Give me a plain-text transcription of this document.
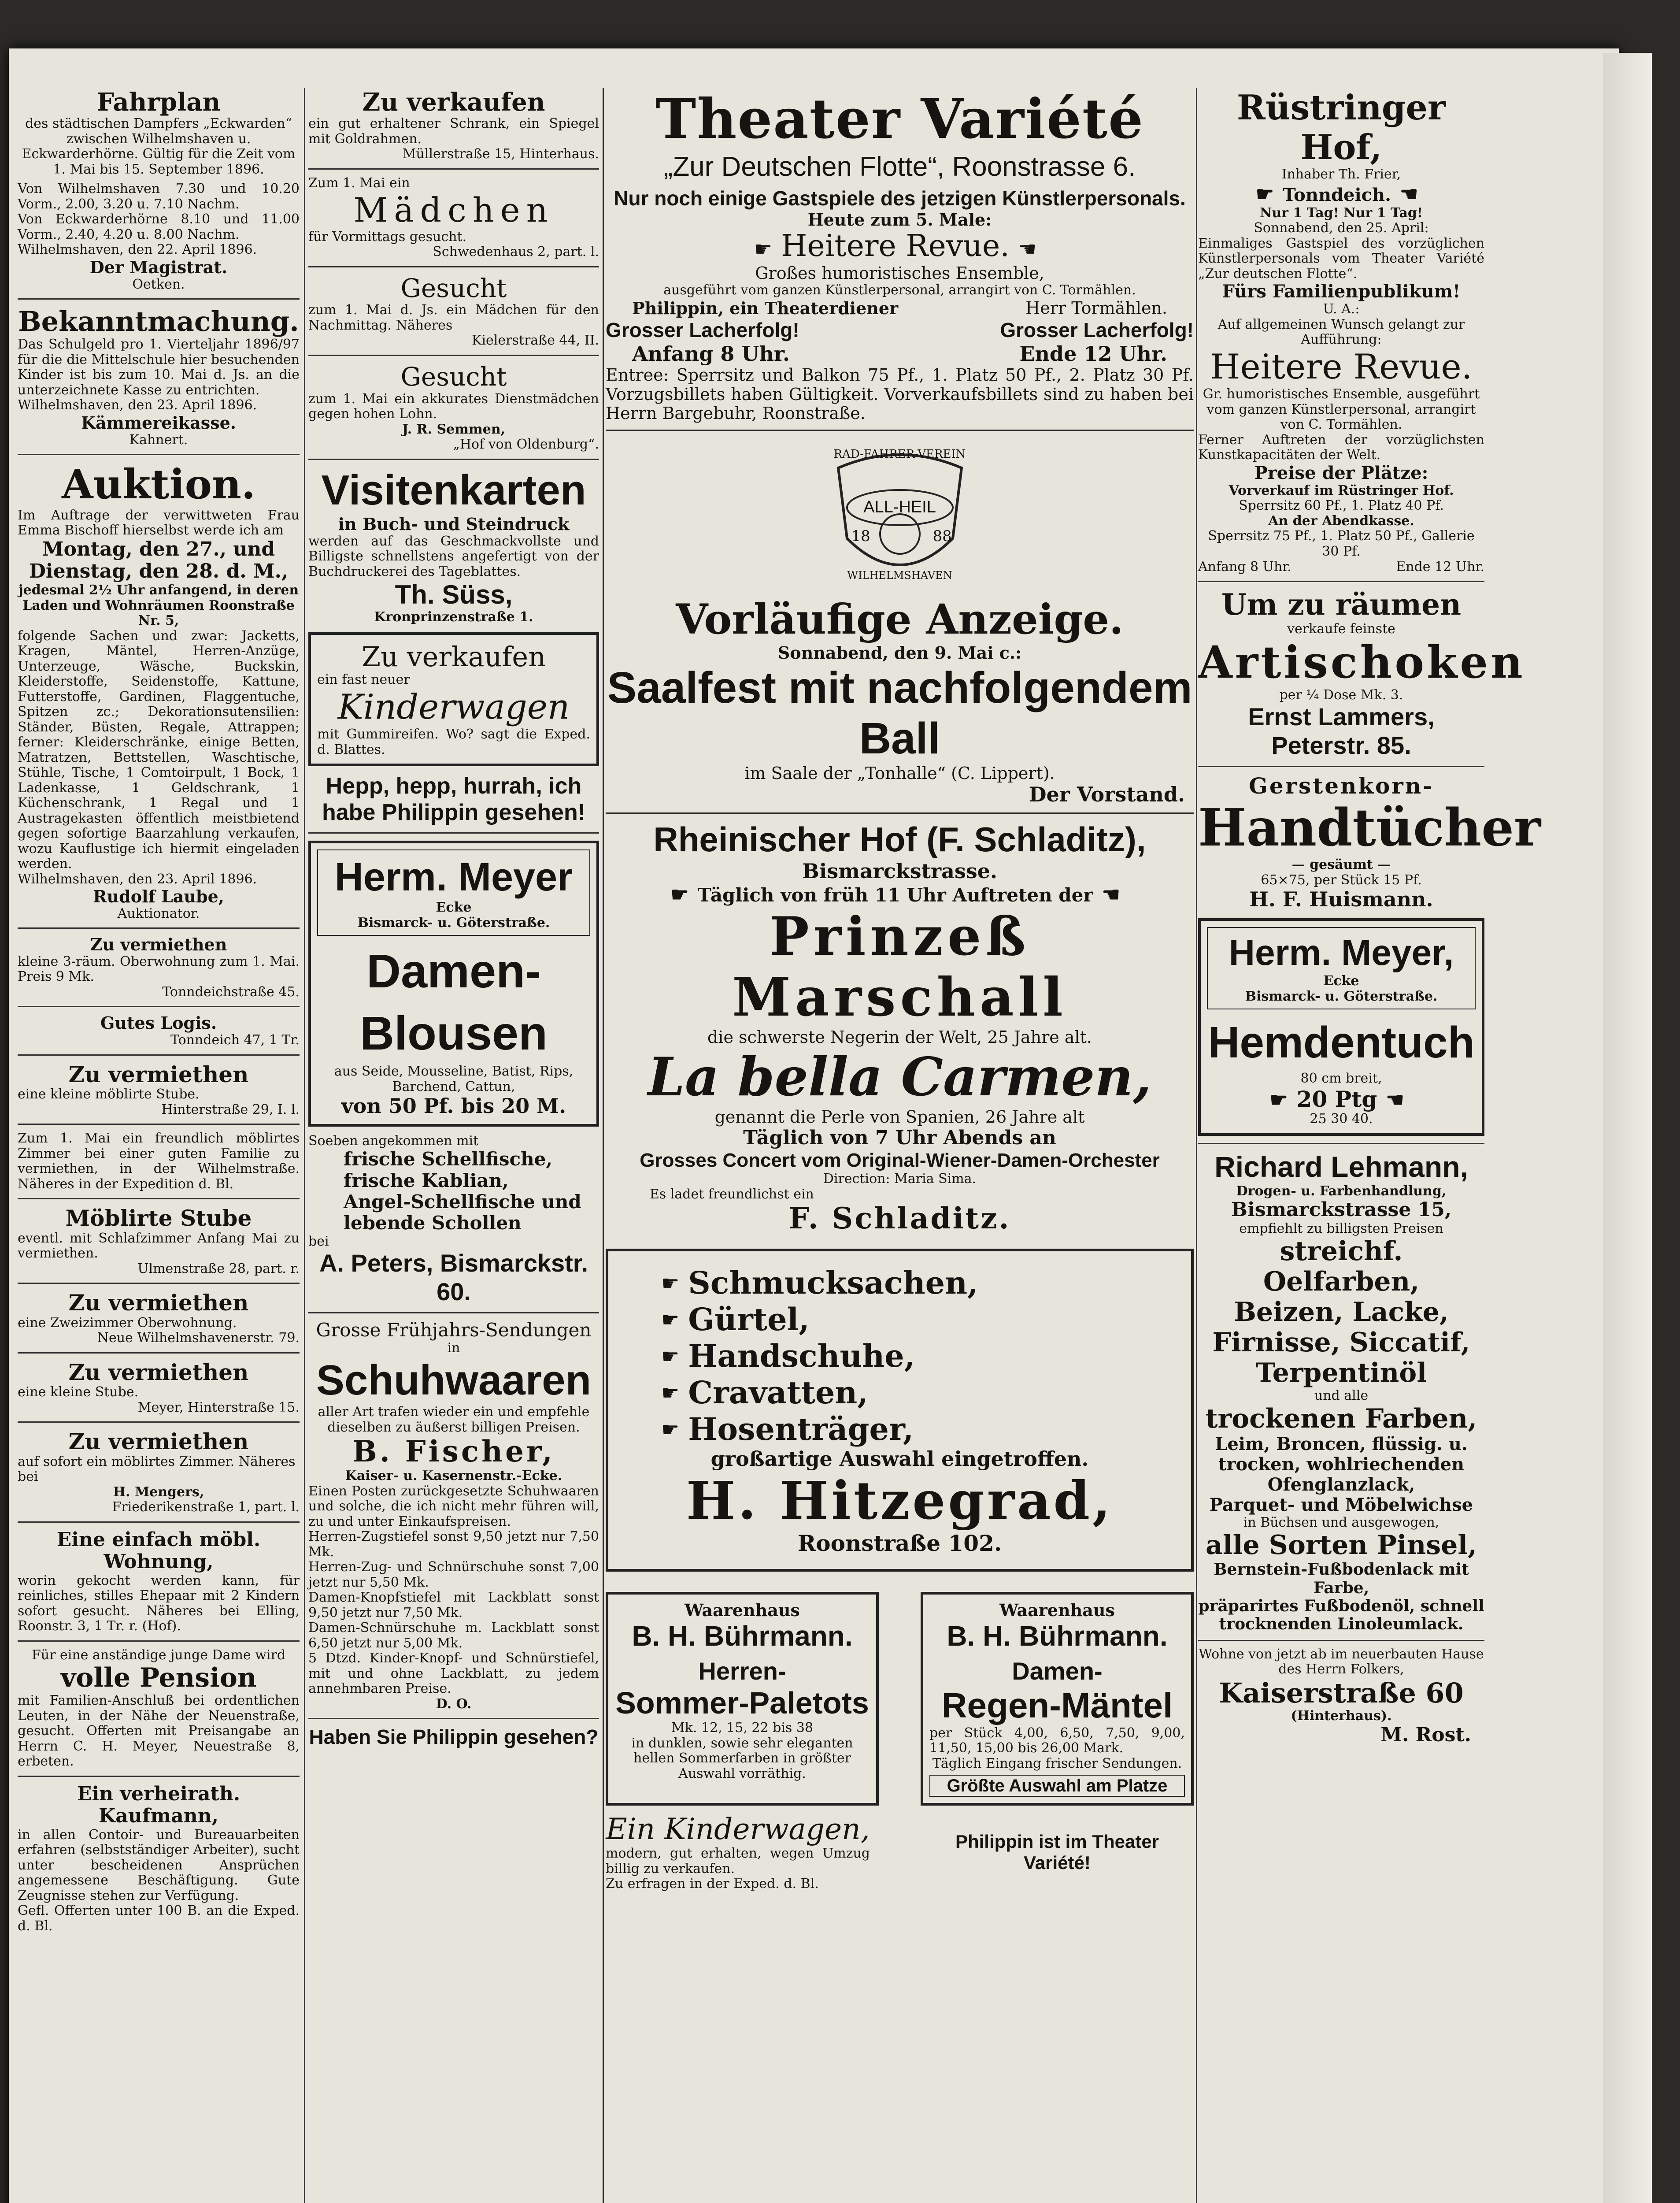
Fahrplan

des städtischen Dampfers „Eckwarden“ zwischen Wilhelmshaven u. Eckwarderhörne. Gültig für die Zeit vom 1. Mai bis 15. September 1896.

Von Wilhelmshaven 7.30 und 10.20 Vorm., 2.00, 3.20 u. 7.10 Nachm.

Von Eckwarderhörne 8.10 und 11.00 Vorm., 2.40, 4.20 u. 8.00 Nachm.

Wilhelmshaven, den 22. April 1896.

Der Magistrat.

Oetken.

Bekanntmachung.

Das Schulgeld pro 1. Vierteljahr 1896/97 für die die Mittelschule hier besuchenden Kinder ist bis zum 10. Mai d. Js. an die unterzeichnete Kasse zu entrichten.

Wilhelmshaven, den 23. April 1896.

Kämmereikasse.

Kahnert.

Auktion.

Im Auftrage der verwittweten Frau Emma Bischoff hierselbst werde ich am

Montag, den 27., und Dienstag, den 28. d. M.,

jedesmal 2½ Uhr anfangend, in deren Laden und Wohnräumen Roonstraße Nr. 5,

folgende Sachen und zwar: Jacketts, Kragen, Mäntel, Herren-Anzüge, Unterzeuge, Wäsche, Buckskin, Kleiderstoffe, Seidenstoffe, Kattune, Futterstoffe, Gardinen, Flaggentuche, Spitzen zc.; Dekorationsutensilien: Ständer, Büsten, Regale, Attrappen; ferner: Kleiderschränke, einige Betten, Matratzen, Bettstellen, Waschtische, Stühle, Tische, 1 Comtoirpult, 1 Bock, 1 Ladenkasse, 1 Geldschrank, 1 Küchenschrank, 1 Regal und 1 Austragekasten öffentlich meistbietend gegen sofortige Baarzahlung verkaufen, wozu Kauflustige ich hiermit eingeladen werden.

Wilhelmshaven, den 23. April 1896.

Rudolf Laube,

Auktionator.

Zu vermiethen

kleine 3-räum. Oberwohnung zum 1. Mai. Preis 9 Mk.

Tonndeichstraße 45.

Gutes Logis.

Tonndeich 47, 1 Tr.

Zu vermiethen

eine kleine möblirte Stube.

Hinterstraße 29, I. l.

Zum 1. Mai ein freundlich möblirtes Zimmer bei einer guten Familie zu vermiethen, in der Wilhelmstraße. Näheres in der Expedition d. Bl.

Möblirte Stube

eventl. mit Schlafzimmer Anfang Mai zu vermiethen.

Ulmenstraße 28, part. r.

Zu vermiethen

eine Zweizimmer Oberwohnung.

Neue Wilhelmshavenerstr. 79.

Zu vermiethen

eine kleine Stube.

Meyer, Hinterstraße 15.

Zu vermiethen

auf sofort ein möblirtes Zimmer. Näheres bei

H. Mengers,

Friederikenstraße 1, part. l.

Eine einfach möbl. Wohnung,

worin gekocht werden kann, für reinliches, stilles Ehepaar mit 2 Kindern sofort gesucht. Näheres bei Elling, Roonstr. 3, 1 Tr. r. (Hof).

Für eine anständige junge Dame wird

volle Pension

mit Familien-Anschluß bei ordentlichen Leuten, in der Nähe der Neuenstraße, gesucht. Offerten mit Preisangabe an Herrn C. H. Meyer, Neuestraße 8, erbeten.

Ein verheirath. Kaufmann,

in allen Contoir- und Bureauarbeiten erfahren (selbstständiger Arbeiter), sucht unter bescheidenen Ansprüchen angemessene Beschäftigung. Gute Zeugnisse stehen zur Verfügung.

Gefl. Offerten unter 100 B. an die Exped. d. Bl.

Zu verkaufen

ein gut erhaltener Schrank, ein Spiegel mit Goldrahmen.

Müllerstraße 15, Hinterhaus.

Zum 1. Mai ein

Mädchen

für Vormittags gesucht.

Schwedenhaus 2, part. l.

Gesucht

zum 1. Mai d. Js. ein Mädchen für den Nachmittag. Näheres

Kielerstraße 44, II.

Gesucht

zum 1. Mai ein akkurates Dienstmädchen gegen hohen Lohn.

J. R. Semmen,

„Hof von Oldenburg“.

Visitenkarten

in Buch- und Steindruck

werden auf das Geschmackvollste und Billigste schnellstens angefertigt von der Buchdruckerei des Tageblattes.

Th. Süss,

Kronprinzenstraße 1.

Zu verkaufen

ein fast neuer

Kinderwagen

mit Gummireifen. Wo? sagt die Exped. d. Blattes.

Hepp, hepp, hurrah, ich habe Philippin gesehen!

Herm. Meyer

Ecke

Bismarck- u. Göterstraße.

Damen-Blousen

aus Seide, Mousseline, Batist, Rips, Barchend, Cattun,

von 50 Pf. bis 20 M.

Soeben angekommen mit

frische Schellfische,

frische Kablian,

Angel-Schellfische und

lebende Schollen

bei

A. Peters, Bismarckstr. 60.

Grosse Frühjahrs-Sendungen

in

Schuhwaaren

aller Art trafen wieder ein und empfehle dieselben zu äußerst billigen Preisen.

B. Fischer,

Kaiser- u. Kasernenstr.-Ecke.

Einen Posten zurückgesetzte Schuhwaaren und solche, die ich nicht mehr führen will, zu und unter Einkaufspreisen.

Herren-Zugstiefel sonst 9,50 jetzt nur 7,50 Mk.

Herren-Zug- und Schnürschuhe sonst 7,00 jetzt nur 5,50 Mk.

Damen-Knopfstiefel mit Lackblatt sonst 9,50 jetzt nur 7,50 Mk.

Damen-Schnürschuhe m. Lackblatt sonst 6,50 jetzt nur 5,00 Mk.

5 Dtzd. Kinder-Knopf- und Schnürstiefel, mit und ohne Lackblatt, zu jedem annehmbaren Preise.

D. O.

Haben Sie Philippin gesehen?

Theater Variété

„Zur Deutschen Flotte“, Roonstrasse 6.

Nur noch einige Gastspiele des jetzigen Künstlerpersonals.

Heute zum 5. Male:

☛ Heitere Revue. ☚

Großes humoristisches Ensemble,

ausgeführt vom ganzen Künstlerpersonal, arrangirt von C. Tormählen.

Philippin, ein Theaterdiener	Herr Tormählen.
Grosser Lacherfolg!	Grosser Lacherfolg!
Anfang 8 Uhr.	Ende 12 Uhr.

Entree: Sperrsitz und Balkon 75 Pf., 1. Platz 50 Pf., 2. Platz 30 Pf. Vorzugsbillets haben Gültigkeit. Vorverkaufsbillets sind zu haben bei Herrn Bargebuhr, Roonstraße.

RAD-FAHRER-VEREIN
ALL-HEIL
18	88
WILHELMSHAVEN

Vorläufige Anzeige.

Sonnabend, den 9. Mai c.:

Saalfest mit nachfolgendem Ball

im Saale der „Tonhalle“ (C. Lippert).

Der Vorstand.

Rheinischer Hof (F. Schladitz),

Bismarckstrasse.

☛ Täglich von früh 11 Uhr Auftreten der ☚

Prinzeß Marschall

die schwerste Negerin der Welt, 25 Jahre alt.

La bella Carmen,

genannt die Perle von Spanien, 26 Jahre alt

Täglich von 7 Uhr Abends an

Grosses Concert vom Original-Wiener-Damen-Orchester

Direction: Maria Sima.

Es ladet freundlichst ein

F. Schladitz.

☛ Schmucksachen,
☛ Gürtel,
☛ Handschuhe,
☛ Cravatten,
☛ Hosenträger,

großartige Auswahl eingetroffen.

H. Hitzegrad,

Roonstraße 102.

Waarenhaus

B. H. Bührmann.

Herren-

Sommer-Paletots

Mk. 12, 15, 22 bis 38

in dunklen, sowie sehr eleganten hellen Sommerfarben in größter Auswahl vorräthig.

Waarenhaus

B. H. Bührmann.

Damen-

Regen-Mäntel

per Stück 4,00, 6,50, 7,50, 9,00, 11,50, 15,00 bis 26,00 Mark.

Täglich Eingang frischer Sendungen.

Größte Auswahl am Platze

Ein Kinderwagen,

modern, gut erhalten, wegen Umzug billig zu verkaufen.

Zu erfragen in der Exped. d. Bl.

Philippin ist im Theater Variété!

Rüstringer Hof,

Inhaber Th. Frier,

☛ Tonndeich. ☚

Nur 1 Tag! Nur 1 Tag!

Sonnabend, den 25. April:

Einmaliges Gastspiel des vorzüglichen Künstlerpersonals vom Theater Variété „Zur deutschen Flotte“.

Fürs Familienpublikum!

U. A.:

Auf allgemeinen Wunsch gelangt zur Aufführung:

Heitere Revue.

Gr. humoristisches Ensemble, ausgeführt vom ganzen Künstlerpersonal, arrangirt von C. Tormählen.

Ferner Auftreten der vorzüglichsten Kunstkapacitäten der Welt.

Preise der Plätze:

Vorverkauf im Rüstringer Hof.

Sperrsitz 60 Pf., 1. Platz 40 Pf.

An der Abendkasse.

Sperrsitz 75 Pf., 1. Platz 50 Pf., Gallerie 30 Pf.

Anfang 8 Uhr.	Ende 12 Uhr.

Um zu räumen

verkaufe feinste

Artischoken

per ¼ Dose Mk. 3.

Ernst Lammers, Peterstr. 85.

Gerstenkorn-

Handtücher

— gesäumt —

65×75, per Stück 15 Pf.

H. F. Huismann.

Herm. Meyer,

Ecke

Bismarck- u. Göterstraße.

Hemdentuch

80 cm breit,

☛ 20 Ptg ☚

25 30 40.

Richard Lehmann,

Drogen- u. Farbenhandlung,

Bismarckstrasse 15,

empfiehlt zu billigsten Preisen

streichf. Oelfarben,

Beizen, Lacke,

Firnisse, Siccatif,

Terpentinöl

und alle

trockenen Farben,

Leim, Broncen, flüssig. u. trocken, wohlriechenden Ofenglanzlack,

Parquet- und Möbelwichse

in Büchsen und ausgewogen,

alle Sorten Pinsel,

Bernstein-Fußbodenlack mit Farbe,

präparirtes Fußbodenöl, schnell trocknenden Linoleumlack.

Wohne von jetzt ab im neuerbauten Hause des Herrn Folkers,

Kaiserstraße 60

(Hinterhaus).

M. Rost.
